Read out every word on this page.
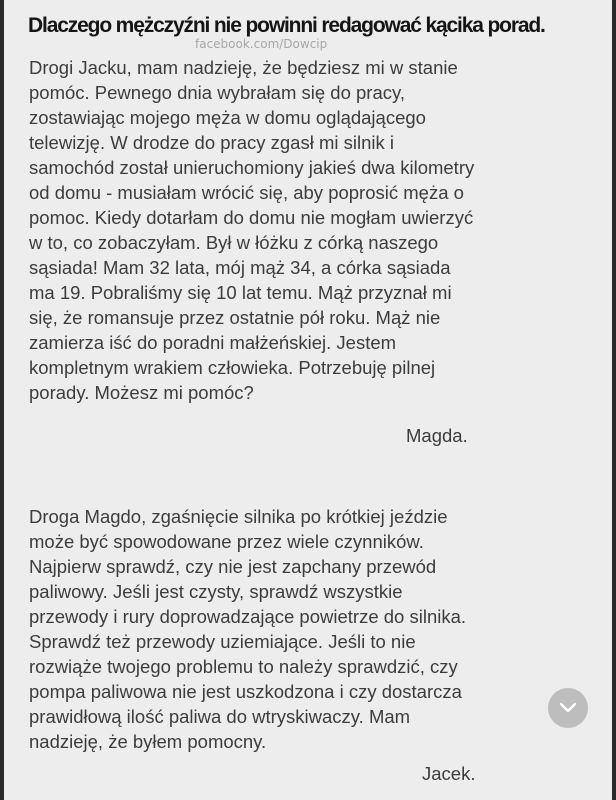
Dlaczego mężczyźni nie powinni redagować kącika porad.
facebook.com/Dowcip
Drogi Jacku, mam nadzieję, że będziesz mi w stanie
pomóc. Pewnego dnia wybrałam się do pracy,
zostawiając mojego męża w domu oglądającego
telewizję. W drodze do pracy zgasł mi silnik i
samochód został unieruchomiony jakieś dwa kilometry
od domu - musiałam wrócić się, aby poprosić męża o
pomoc. Kiedy dotarłam do domu nie mogłam uwierzyć
w to, co zobaczyłam. Był w łóżku z córką naszego
sąsiada! Mam 32 lata, mój mąż 34, a córka sąsiada
ma 19. Pobraliśmy się 10 lat temu. Mąż przyznał mi
się, że romansuje przez ostatnie pół roku. Mąż nie
zamierza iść do poradni małżeńskiej. Jestem
kompletnym wrakiem człowieka. Potrzebuję pilnej
porady. Możesz mi pomóc?
Magda.
Droga Magdo, zgaśnięcie silnika po krótkiej jeździe
może być spowodowane przez wiele czynników.
Najpierw sprawdź, czy nie jest zapchany przewód
paliwowy. Jeśli jest czysty, sprawdź wszystkie
przewody i rury doprowadzające powietrze do silnika.
Sprawdź też przewody uziemiające. Jeśli to nie
rozwiąże twojego problemu to należy sprawdzić, czy
pompa paliwowa nie jest uszkodzona i czy dostarcza
prawidłową ilość paliwa do wtryskiwaczy. Mam
nadzieję, że byłem pomocny.
Jacek.
